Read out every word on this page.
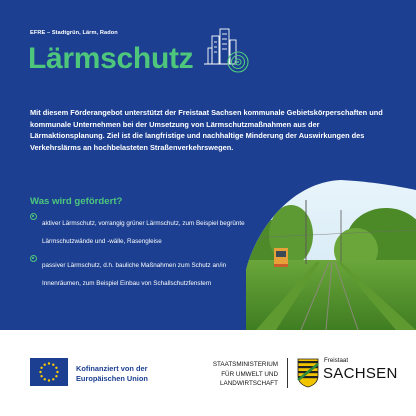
EFRE – Stadtgrün, Lärm, Radon
Lärmschutz

Mit diesem Förderangebot unterstützt der Freistaat Sachsen kommunale Gebietskörperschaften und kommunale Unternehmen bei der Umsetzung von Lärmschutzmaßnahmen aus der Lärmaktionsplanung. Ziel ist die langfristige und nachhaltige Minderung der Auswirkungen des Verkehrslärms an hochbelasteten Straßenverkehrswegen.

Was wird gefördert?
aktiver Lärmschutz, vorrangig grüner Lärmschutz, zum Beispiel begrünte Lärmschutzwände und -wälle, Rasengleise
passiver Lärmschutz, d.h. bauliche Maßnahmen zum Schutz an/in Innenräumen, zum Beispiel Einbau von Schallschutzfenstern
Kofinanziert von der
Europäischen Union
STAATSMINISTERIUM
FÜR UMWELT UND
LANDWIRTSCHAFT
Freistaat
SACHSEN
